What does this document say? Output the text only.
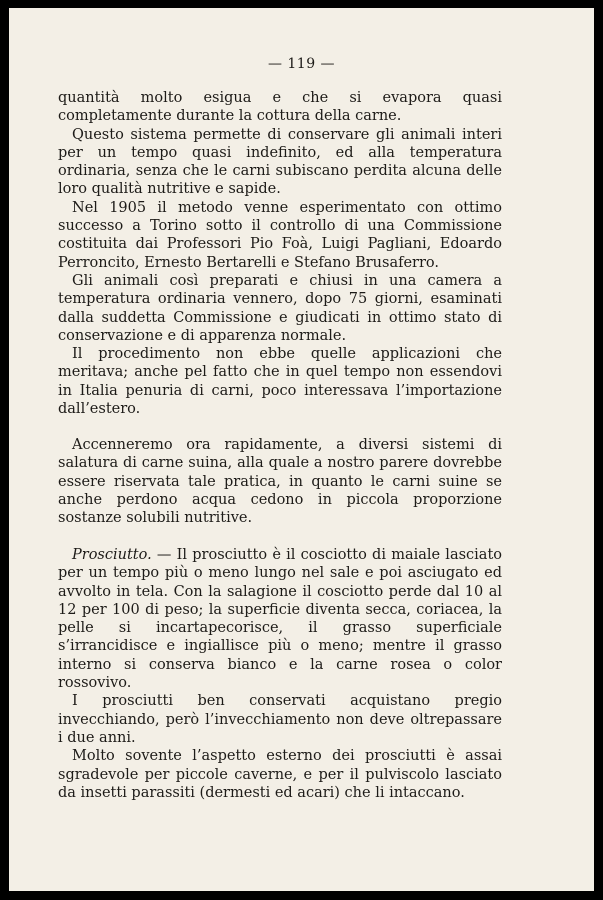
— 119 —

quantità molto esigua e che si evapora quasi completamente durante la cottura della carne.

Questo sistema permette di conservare gli animali interi per un tempo quasi indefinito, ed alla temperatura ordinaria, senza che le carni subiscano perdita alcuna delle loro qualità nutritive e sapide.

Nel 1905 il metodo venne esperimentato con ottimo successo a Torino sotto il controllo di una Commissione costituita dai Professori Pio Foà, Luigi Pagliani, Edoardo Perroncito, Ernesto Bertarelli e Stefano Brusaferro.

Gli animali così preparati e chiusi in una camera a temperatura ordinaria vennero, dopo 75 giorni, esaminati dalla suddetta Commissione e giudicati in ottimo stato di conservazione e di apparenza normale.

Il procedimento non ebbe quelle applicazioni che meritava; anche pel fatto che in quel tempo non essendovi in Italia penuria di carni, poco interessava l’importazione dall’estero.

Accenneremo ora rapidamente, a diversi sistemi di salatura di carne suina, alla quale a nostro parere dovrebbe essere riservata tale pratica, in quanto le carni suine se anche perdono acqua cedono in piccola proporzione sostanze solubili nutritive.

Prosciutto. — Il prosciutto è il cosciotto di maiale lasciato per un tempo più o meno lungo nel sale e poi asciugato ed avvolto in tela. Con la salagione il cosciotto perde dal 10 al 12 per 100 di peso; la superficie diventa secca, coriacea, la pelle si incartapecorisce, il grasso superficiale s’irrancidisce e ingiallisce più o meno; mentre il grasso interno si conserva bianco e la carne rosea o color rossovivo.

I prosciutti ben conservati acquistano pregio invecchiando, però l’invecchiamento non deve oltrepassare i due anni.

Molto sovente l’aspetto esterno dei prosciutti è assai sgradevole per piccole caverne, e per il pulviscolo lasciato da insetti parassiti (dermesti ed acari) che li intaccano.
